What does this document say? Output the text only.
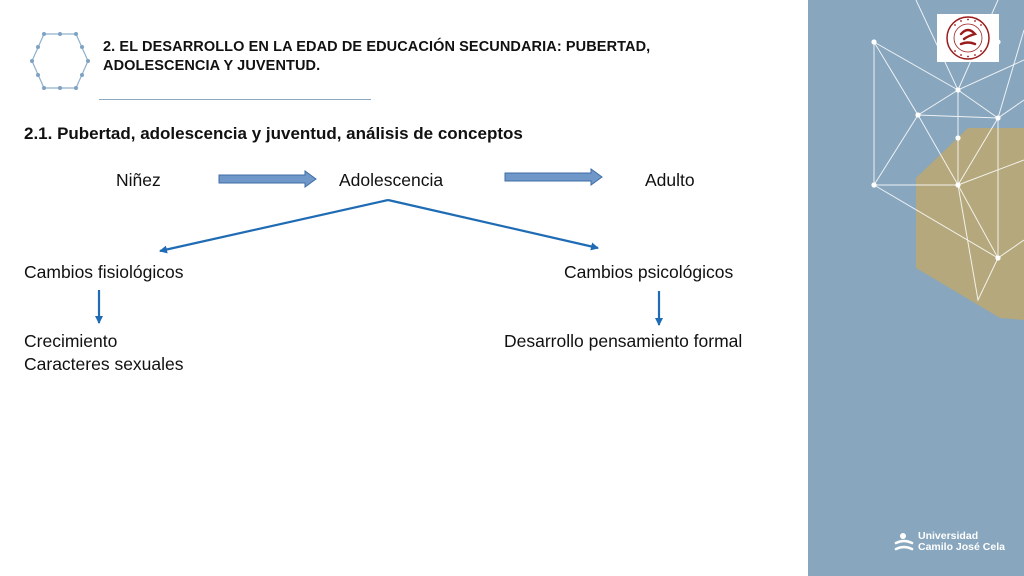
2. EL DESARROLLO EN LA EDAD DE EDUCACIÓN SECUNDARIA: PUBERTAD,
ADOLESCENCIA Y JUVENTUD.
2.1. Pubertad, adolescencia y juventud, análisis de conceptos
Niñez	Adolescencia	Adulto
Cambios fisiológicos	Cambios psicológicos
Crecimiento
Caracteres sexuales
Desarrollo pensamiento formal
Universidad
Camilo José Cela
